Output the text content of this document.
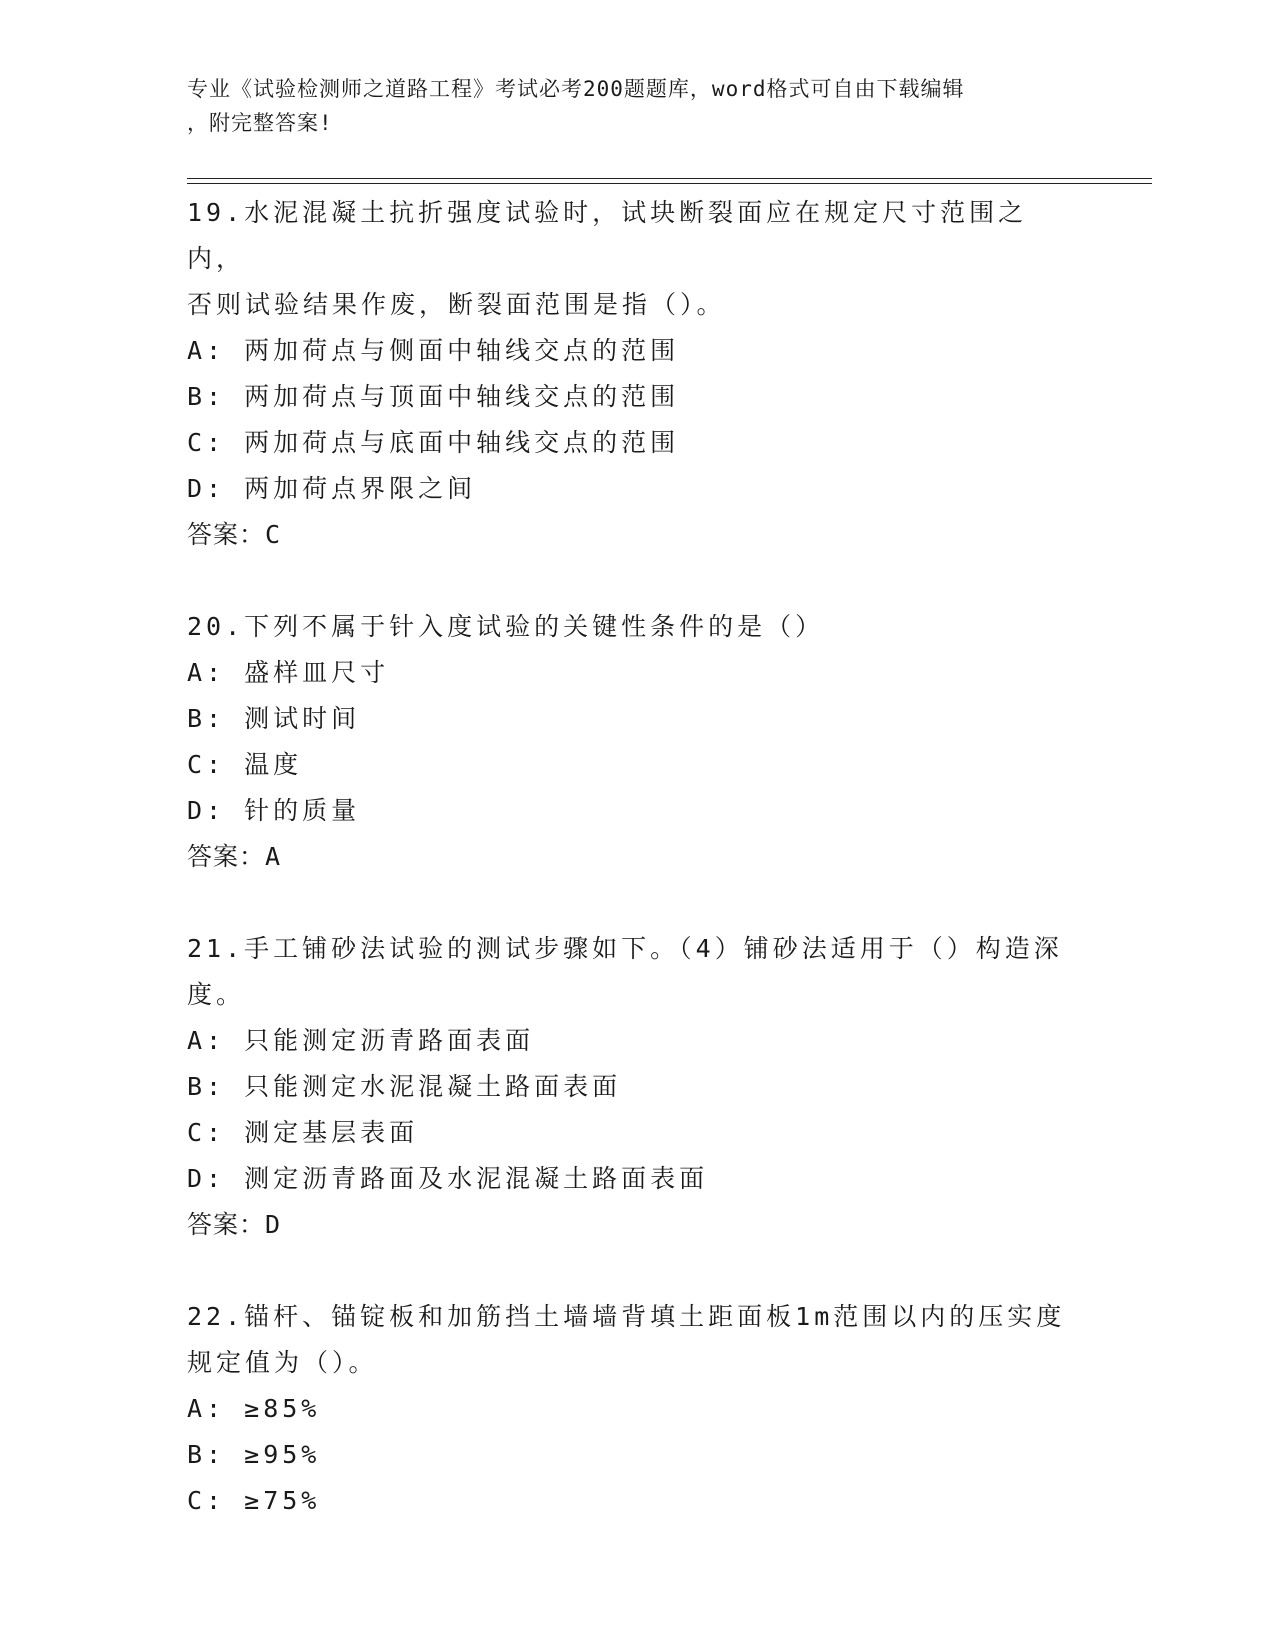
专业《试验检测师之道路工程》考试必考200题题库，word格式可自由下载编辑
，附完整答案!
19.水泥混凝土抗折强度试验时，试块断裂面应在规定尺寸范围之内，
否则试验结果作废，断裂面范围是指（）。
A: 两加荷点与侧面中轴线交点的范围
B: 两加荷点与顶面中轴线交点的范围
C: 两加荷点与底面中轴线交点的范围
D: 两加荷点界限之间
答案：C
20.下列不属于针入度试验的关键性条件的是（）
A: 盛样皿尺寸
B: 测试时间
C: 温度
D: 针的质量
答案：A
21.手工铺砂法试验的测试步骤如下。（4）铺砂法适用于（）构造深
度。
A: 只能测定沥青路面表面
B: 只能测定水泥混凝土路面表面
C: 测定基层表面
D: 测定沥青路面及水泥混凝土路面表面
答案：D
22.锚杆、锚锭板和加筋挡土墙墙背填土距面板1m范围以内的压实度
规定值为（）。
A: ≥85%
B: ≥95%
C: ≥75%
